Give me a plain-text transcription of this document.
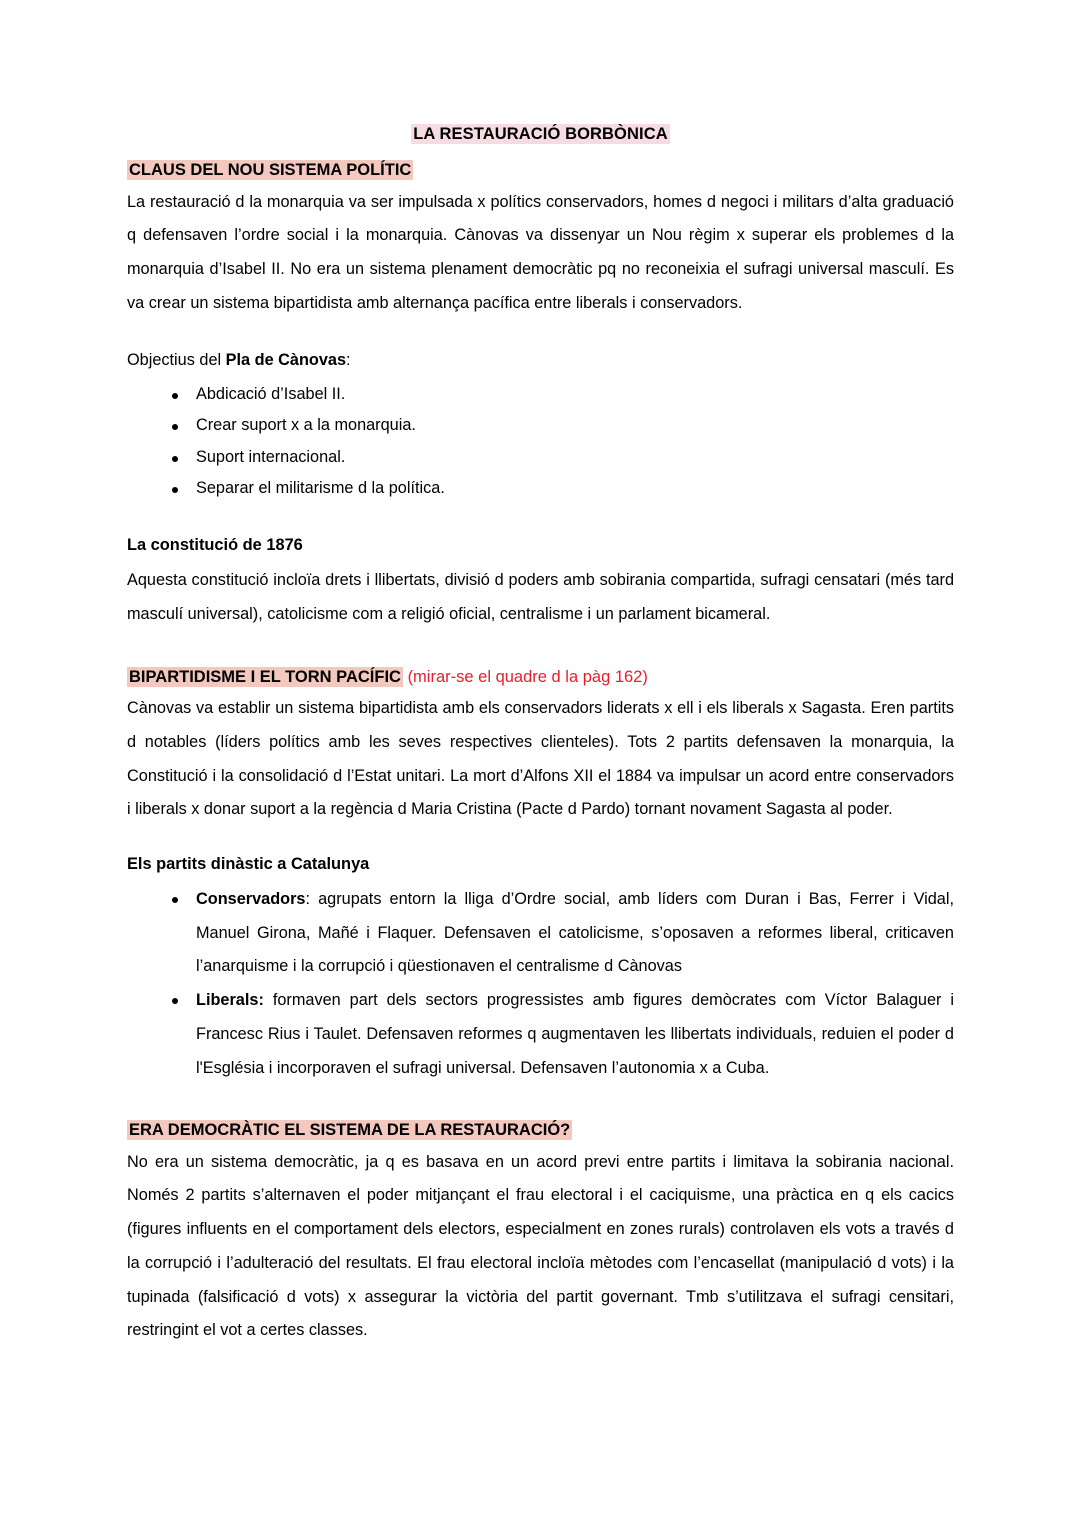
LA RESTAURACIÓ BORBÒNICA
CLAUS DEL NOU SISTEMA POLÍTIC

La restauració d la monarquia va ser impulsada x polítics conservadors, homes d negoci i militars d’alta graduació q defensaven l’ordre social i la monarquia. Cànovas va dissenyar un Nou règim x superar els problemes d la monarquia d’Isabel II. No era un sistema plenament democràtic pq no reconeixia el sufragi universal masculí. Es va crear un sistema bipartidista amb alternança pacífica entre liberals i conservadors.

Objectius del Pla de Cànovas:
Abdicació d’Isabel II.
Crear suport x a la monarquia.
Suport internacional.
Separar el militarisme d la política.
La constitució de 1876

Aquesta constitució incloïa drets i llibertats, divisió d poders amb sobirania compartida, sufragi censatari (més tard masculí universal), catolicisme com a religió oficial, centralisme i un parlament bicameral.

BIPARTIDISME I EL TORN PACÍFIC (mirar-se el quadre d la pàg 162)

Cànovas va establir un sistema bipartidista amb els conservadors liderats x ell i els liberals x Sagasta. Eren partits d notables (líders polítics amb les seves respectives clienteles). Tots 2 partits defensaven la monarquia, la Constitució i la consolidació d l’Estat unitari. La mort d’Alfons XII el 1884 va impulsar un acord entre conservadors i liberals x donar suport a la regència d Maria Cristina (Pacte d Pardo) tornant novament Sagasta al poder.

Els partits dinàstic a Catalunya
Conservadors: agrupats entorn la lliga d’Ordre social, amb líders com Duran i Bas, Ferrer i Vidal, Manuel Girona, Mañé i Flaquer. Defensaven el catolicisme, s’oposaven a reformes liberal, criticaven l’anarquisme i la corrupció i qüestionaven el centralisme d Cànovas
Liberals: formaven part dels sectors progressistes amb figures demòcrates com Víctor Balaguer i Francesc Rius i Taulet. Defensaven reformes q augmentaven les llibertats individuals, reduien el poder d l'Església i incorporaven el sufragi universal. Defensaven l’autonomia x a Cuba.
ERA DEMOCRÀTIC EL SISTEMA DE LA RESTAURACIÓ?

No era un sistema democràtic, ja q es basava en un acord previ entre partits i limitava la sobirania nacional. Només 2 partits s’alternaven el poder mitjançant el frau electoral i el caciquisme, una pràctica en q els cacics (figures influents en el comportament dels electors, especialment en zones rurals) controlaven els vots a través d la corrupció i l’adulteració del resultats. El frau electoral incloïa mètodes com l’encasellat (manipulació d vots) i la tupinada (falsificació d vots) x assegurar la victòria del partit governant. Tmb s’utilitzava el sufragi censitari, restringint el vot a certes classes.
